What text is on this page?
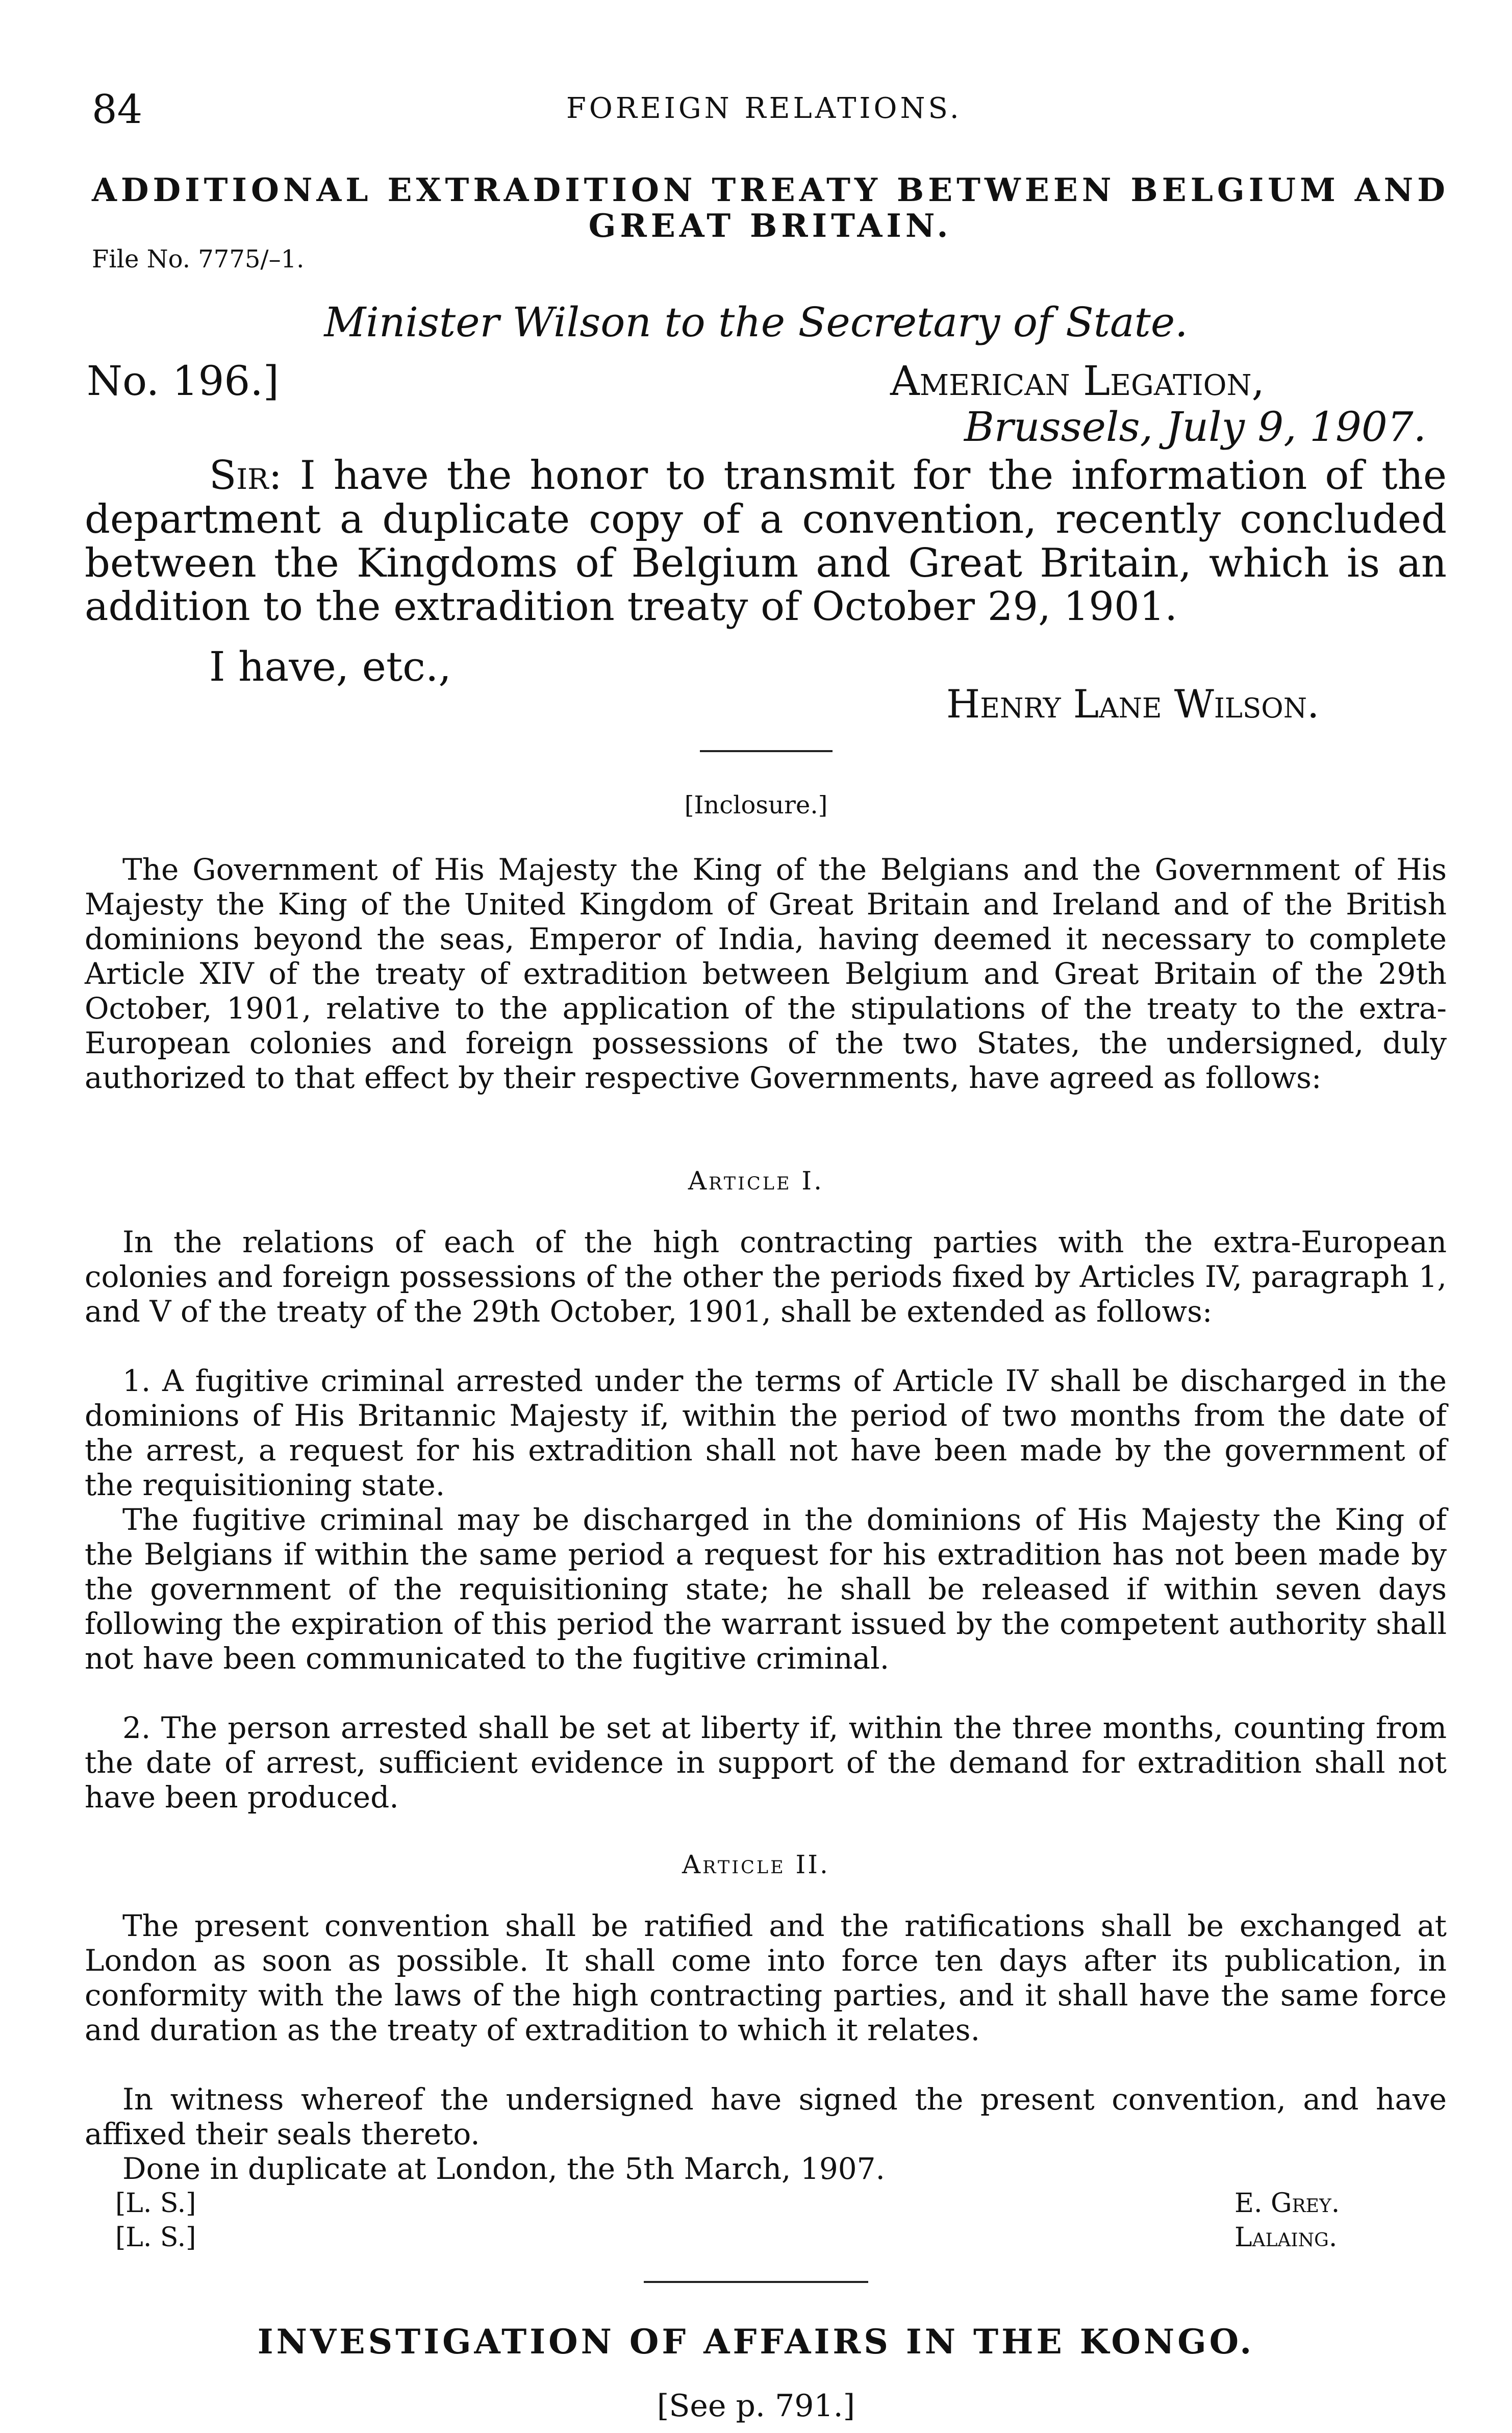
84	FOREIGN RELATIONS.
ADDITIONAL EXTRADITION TREATY BETWEEN BELGIUM AND
GREAT BRITAIN.
File No. 7775/–1.
Minister Wilson to the Secretary of State.
No. 196.]	American Legation,
Brussels, July 9, 1907.

Sir: I have the honor to transmit for the information of the department a duplicate copy of a convention, recently concluded between the Kingdoms of Belgium and Great Britain, which is an addition to the extradition treaty of October 29, 1901.

I have, etc.,
Henry Lane Wilson.
[Inclosure.]

The Government of His Majesty the King of the Belgians and the Government of His Majesty the King of the United Kingdom of Great Britain and Ireland and of the British dominions beyond the seas, Emperor of India, having deemed it necessary to complete Article XIV of the treaty of extradition between Belgium and Great Britain of the 29th October, 1901, relative to the application of the stipulations of the treaty to the extra-European colonies and foreign possessions of the two States, the undersigned, duly authorized to that effect by their respective Governments, have agreed as follows:

Article I.

In the relations of each of the high contracting parties with the extra-European colonies and foreign possessions of the other the periods fixed by Articles IV, paragraph 1, and V of the treaty of the 29th October, 1901, shall be extended as follows:

1. A fugitive criminal arrested under the terms of Article IV shall be discharged in the dominions of His Britannic Majesty if, within the period of two months from the date of the arrest, a request for his extradition shall not have been made by the government of the requisitioning state.

The fugitive criminal may be discharged in the dominions of His Majesty the King of the Belgians if within the same period a request for his extradition has not been made by the government of the requisitioning state; he shall be released if within seven days following the expiration of this period the warrant issued by the competent authority shall not have been communicated to the fugitive criminal.

2. The person arrested shall be set at liberty if, within the three months, counting from the date of arrest, sufficient evidence in support of the demand for extradition shall not have been produced.

Article II.

The present convention shall be ratified and the ratifications shall be exchanged at London as soon as possible. It shall come into force ten days after its publication, in conformity with the laws of the high contracting parties, and it shall have the same force and duration as the treaty of extradition to which it relates.

In witness whereof the undersigned have signed the present convention, and have affixed their seals thereto.

Done in duplicate at London, the 5th March, 1907.

[L. S.]
[L. S.]
E. Grey.
Lalaing.
INVESTIGATION OF AFFAIRS IN THE KONGO.
[See p. 791.]
